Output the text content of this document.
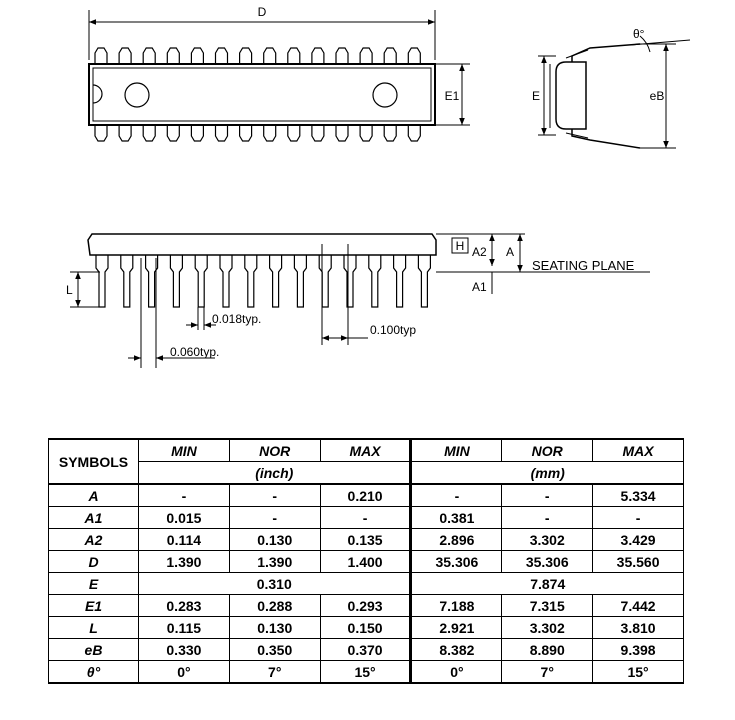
D
E1
θ°
E	eB
H A2 A
A1
SEATING PLANE
L
0.018typ.
0.100typ
0.060typ.
SYMBOLS	MIN	NOR	MAX	MIN	NOR	MAX
	(inch)			(mm)		
A	-	-	0.210	-	-	5.334
A1	0.015	-	-	0.381	-	-
A2	0.114	0.130	0.135	2.896	3.302	3.429
D	1.390	1.390	1.400	35.306	35.306	35.560
E	0.310			7.874		
E1	0.283	0.288	0.293	7.188	7.315	7.442
L	0.115	0.130	0.150	2.921	3.302	3.810
eB	0.330	0.350	0.370	8.382	8.890	9.398
θ°	0°	7°	15°	0°	7°	15°
